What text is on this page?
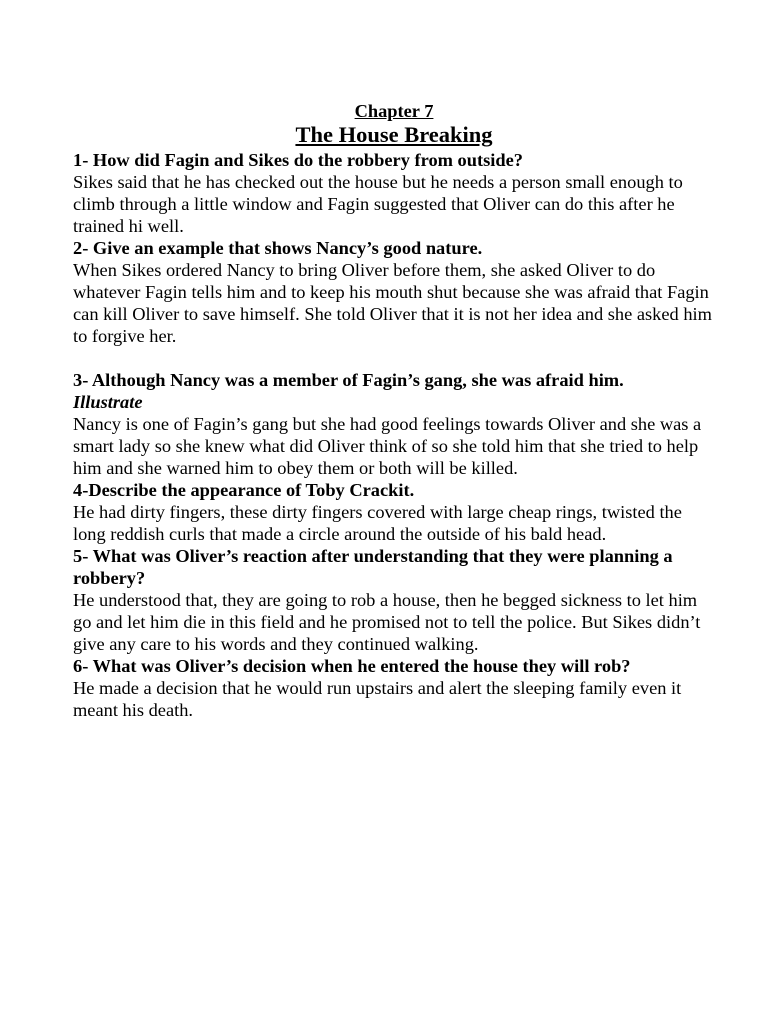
Chapter 7

The House Breaking

1- How did Fagin and Sikes do the robbery from outside?

Sikes said that he has checked out the house but he needs a person small enough to climb through a little window and Fagin suggested that Oliver can do this after he trained hi well.

2- Give an example that shows Nancy’s good nature.

When Sikes ordered Nancy to bring Oliver before them, she asked Oliver to do whatever Fagin tells him and to keep his mouth shut because she was afraid that Fagin can kill Oliver to save himself. She told Oliver that it is not her idea and she asked him to forgive her.

3- Although Nancy was a member of Fagin’s gang, she was afraid him.

Illustrate

Nancy is one of Fagin’s gang but she had good feelings towards Oliver and she was a smart lady so she knew what did Oliver think of so she told him that she tried to help him and she warned him to obey them or both will be killed.

4-Describe the appearance of Toby Crackit.

He had dirty fingers, these dirty fingers covered with large cheap rings, twisted the long reddish curls that made a circle around the outside of his bald head.

5- What was Oliver’s reaction after understanding that they were planning a robbery?

He understood that, they are going to rob a house, then he begged sickness to let him go and let him die in this field and he promised not to tell the police. But Sikes didn’t give any care to his words and they continued walking.

6- What was Oliver’s decision when he entered the house they will rob?

He made a decision that he would run upstairs and alert the sleeping family even it meant his death.
